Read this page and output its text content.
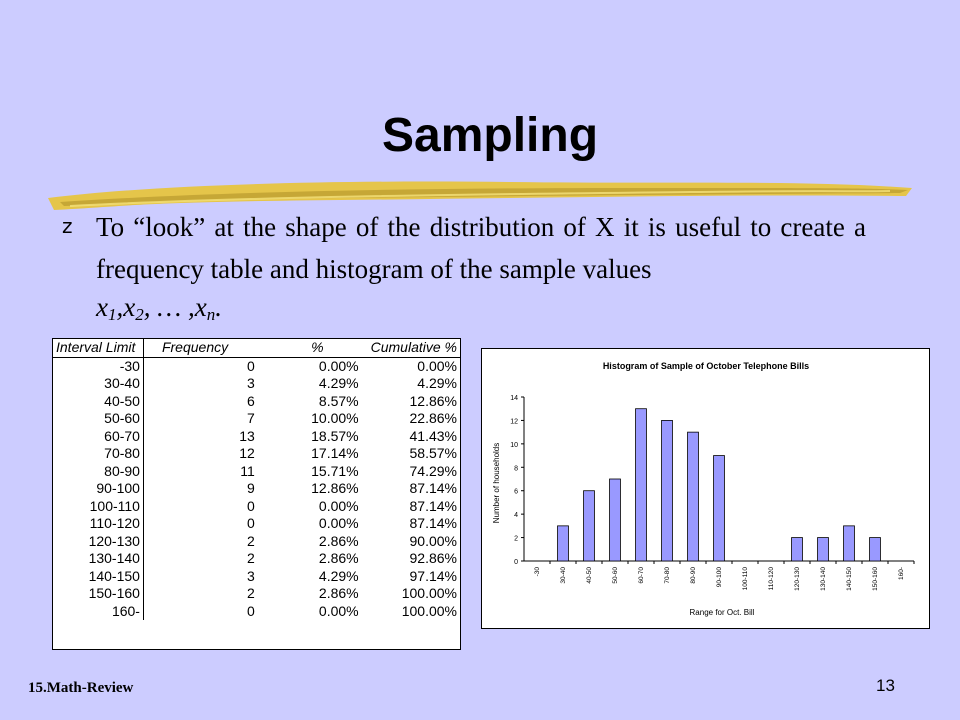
Sampling
z To “look” at the shape of the distribution of X it is useful to create a frequency table and histogram of the sample values
$x_1,x_2$, … $,x_n$.
Interval Limit	Frequency	%	Cumulative %
-30	0	0.00%	0.00%
30-40	3	4.29%	4.29%
40-50	6	8.57%	12.86%
50-60	7	10.00%	22.86%
60-70	13	18.57%	41.43%
70-80	12	17.14%	58.57%
80-90	11	15.71%	74.29%
90-100	9	12.86%	87.14%
100-110	0	0.00%	87.14%
110-120	0	0.00%	87.14%
120-130	2	2.86%	90.00%
130-140	2	2.86%	92.86%
140-150	3	4.29%	97.14%
150-160	2	2.86%	100.00%
160-	0	0.00%	100.00%
Histogram of Sample of October Telephone Bills
Number of households
Range for Oct. Bill
0
2
4
6
8
10
12
14
-30	30-40	40-50	50-60	60-70	70-80	80-90	90-100	100-110	110-120	120-130	130-140	140-150	150-160	160-
15.Math-Review	13
